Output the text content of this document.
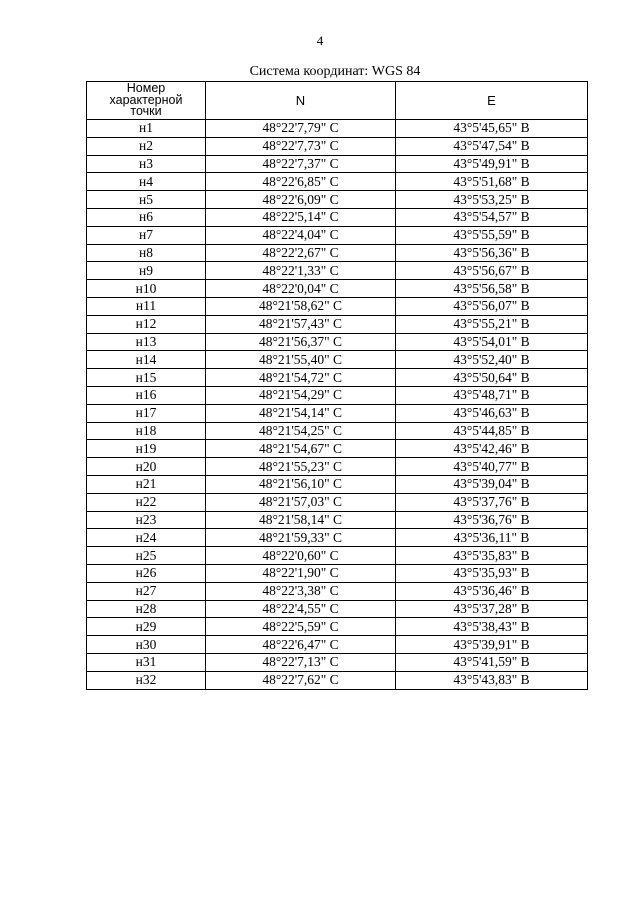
4
Система координат: WGS 84
Номер
характерной
точки	N	E
н1	48°22'7,79" С	43°5'45,65" В
н2	48°22'7,73" С	43°5'47,54" В
н3	48°22'7,37" С	43°5'49,91" В
н4	48°22'6,85" С	43°5'51,68" В
н5	48°22'6,09" С	43°5'53,25" В
н6	48°22'5,14" С	43°5'54,57" В
н7	48°22'4,04" С	43°5'55,59" В
н8	48°22'2,67" С	43°5'56,36" В
н9	48°22'1,33" С	43°5'56,67" В
н10	48°22'0,04" С	43°5'56,58" В
н11	48°21'58,62" С	43°5'56,07" В
н12	48°21'57,43" С	43°5'55,21" В
н13	48°21'56,37" С	43°5'54,01" В
н14	48°21'55,40" С	43°5'52,40" В
н15	48°21'54,72" С	43°5'50,64" В
н16	48°21'54,29" С	43°5'48,71" В
н17	48°21'54,14" С	43°5'46,63" В
н18	48°21'54,25" С	43°5'44,85" В
н19	48°21'54,67" С	43°5'42,46" В
н20	48°21'55,23" С	43°5'40,77" В
н21	48°21'56,10" С	43°5'39,04" В
н22	48°21'57,03" С	43°5'37,76" В
н23	48°21'58,14" С	43°5'36,76" В
н24	48°21'59,33" С	43°5'36,11" В
н25	48°22'0,60" С	43°5'35,83" В
н26	48°22'1,90" С	43°5'35,93" В
н27	48°22'3,38" С	43°5'36,46" В
н28	48°22'4,55" С	43°5'37,28" В
н29	48°22'5,59" С	43°5'38,43" В
н30	48°22'6,47" С	43°5'39,91" В
н31	48°22'7,13" С	43°5'41,59" В
н32	48°22'7,62" С	43°5'43,83" В
